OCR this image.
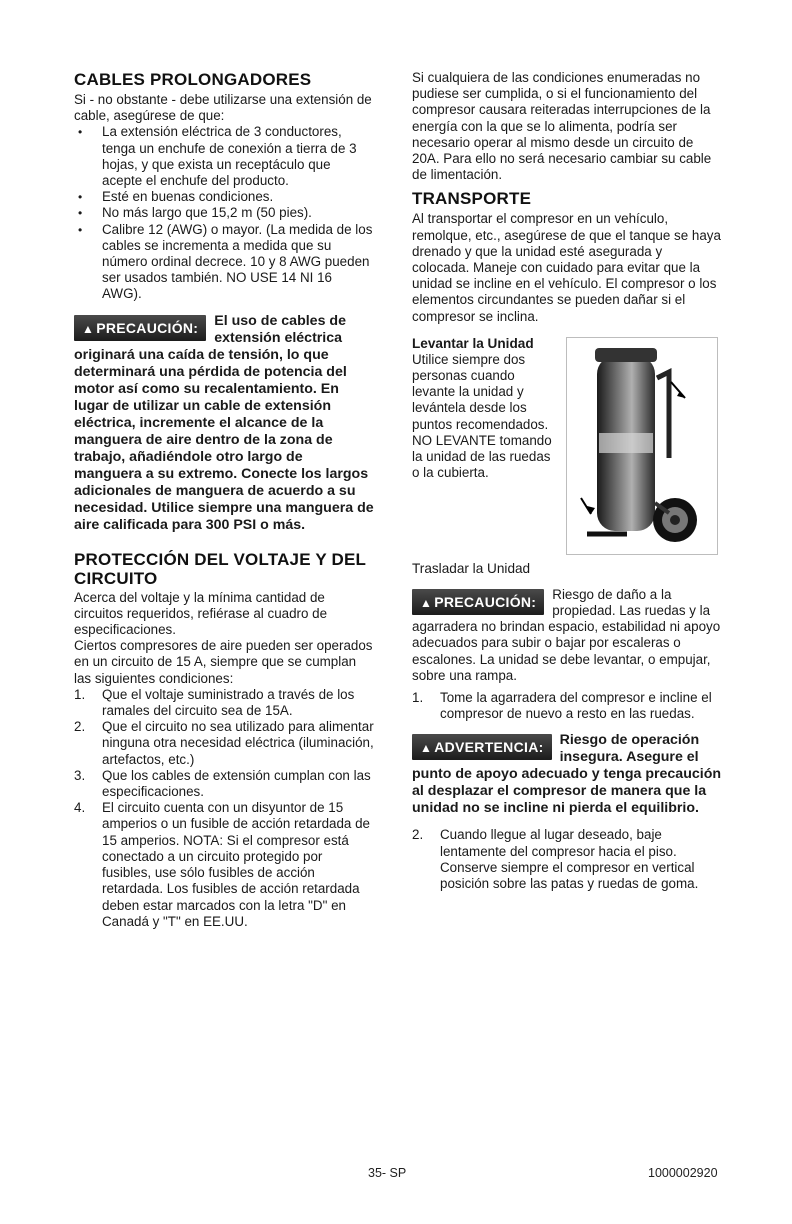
CABLES PROLONGADORES

Si - no obstante - debe utilizarse una extensión de cable, asegúrese de que:

• La extensión eléctrica de 3 conductores, tenga un enchufe de conexión a tierra de 3 hojas, y que exista un receptáculo que acepte el enchufe del producto.
• Esté en buenas condiciones.
• No más largo que 15,2 m (50 pies).
• Calibre 12 (AWG) o mayor. (La medida de los cables se incrementa a medida que su número ordinal decrece. 10 y 8 AWG pueden ser usados también. NO USE 14 NI 16 AWG).
▲ PRECAUCIÓN:	El uso de cables de extensión eléctrica originará una caída de tensión, lo que determinará una pérdida de potencia del motor así como su recalentamiento. En lugar de utilizar un cable de extensión eléctrica, incremente el alcance de la manguera de aire dentro de la zona de trabajo, añadiéndole otro largo de manguera a su extremo. Conecte los largos adicionales de manguera de acuerdo a su necesidad. Utilice siempre una manguera de aire calificada para 300 PSI o más.

PROTECCIÓN DEL VOLTAJE Y DEL CIRCUITO

Acerca del voltaje y la mínima cantidad de circuitos requeridos, refiérase al cuadro de especificaciones.

Ciertos compresores de aire pueden ser operados en un circuito de 15 A, siempre que se cumplan las siguientes condiciones:

1. Que el voltaje suministrado a través de los ramales del circuito sea de 15A.
2. Que el circuito no sea utilizado para alimentar ninguna otra necesidad eléctrica (iluminación, artefactos, etc.)
3. Que los cables de extensión cumplan con las especificaciones.
4. El circuito cuenta con un disyuntor de 15 amperios o un fusible de acción retardada de 15 amperios. NOTA: Si el compresor está conectado a un circuito protegido por fusibles, use sólo fusibles de acción retardada. Los fusibles de acción retardada deben estar marcados con la letra "D" en Canadá y "T" en EE.UU.

Si cualquiera de las condiciones enumeradas no pudiese ser cumplida, o si el funcionamiento del compresor causara reiteradas interrupciones de la energía con la que se lo alimenta, podría ser necesario operar al mismo desde un circuito de 20A. Para ello no será necesario cambiar su cable de limentación.

TRANSPORTE

Al transportar el compresor en un vehículo, remolque, etc., asegúrese de que el tanque se haya drenado y que la unidad esté asegurada y colocada. Maneje con cuidado para evitar que la unidad se incline en el vehículo. El compresor o los elementos circundantes se pueden dañar si el compresor se inclina.

Levantar la Unidad

Utilice siempre dos personas cuando levante la unidad y levántela desde los puntos recomendados. NO LEVANTE tomando la unidad de las ruedas o la cubierta.

Trasladar la Unidad
▲ PRECAUCIÓN:	Riesgo de daño a la propiedad. Las ruedas y la agarradera no brindan espacio, estabilidad ni apoyo adecuados para subir o bajar por escaleras o escalones. La unidad se debe levantar, o empujar, sobre una rampa.

1. Tome la agarradera del compresor e incline el compresor de nuevo a resto en las ruedas.
▲ ADVERTENCIA:	Riesgo de operación insegura. Asegure el punto de apoyo adecuado y tenga precaución al desplazar el compresor de manera que la unidad no se incline ni pierda el equilibrio.

2. Cuando llegue al lugar deseado, baje lentamente del compresor hacia el piso. Conserve siempre el compresor en vertical posición sobre las patas y ruedas de goma.
35- SP	1000002920
